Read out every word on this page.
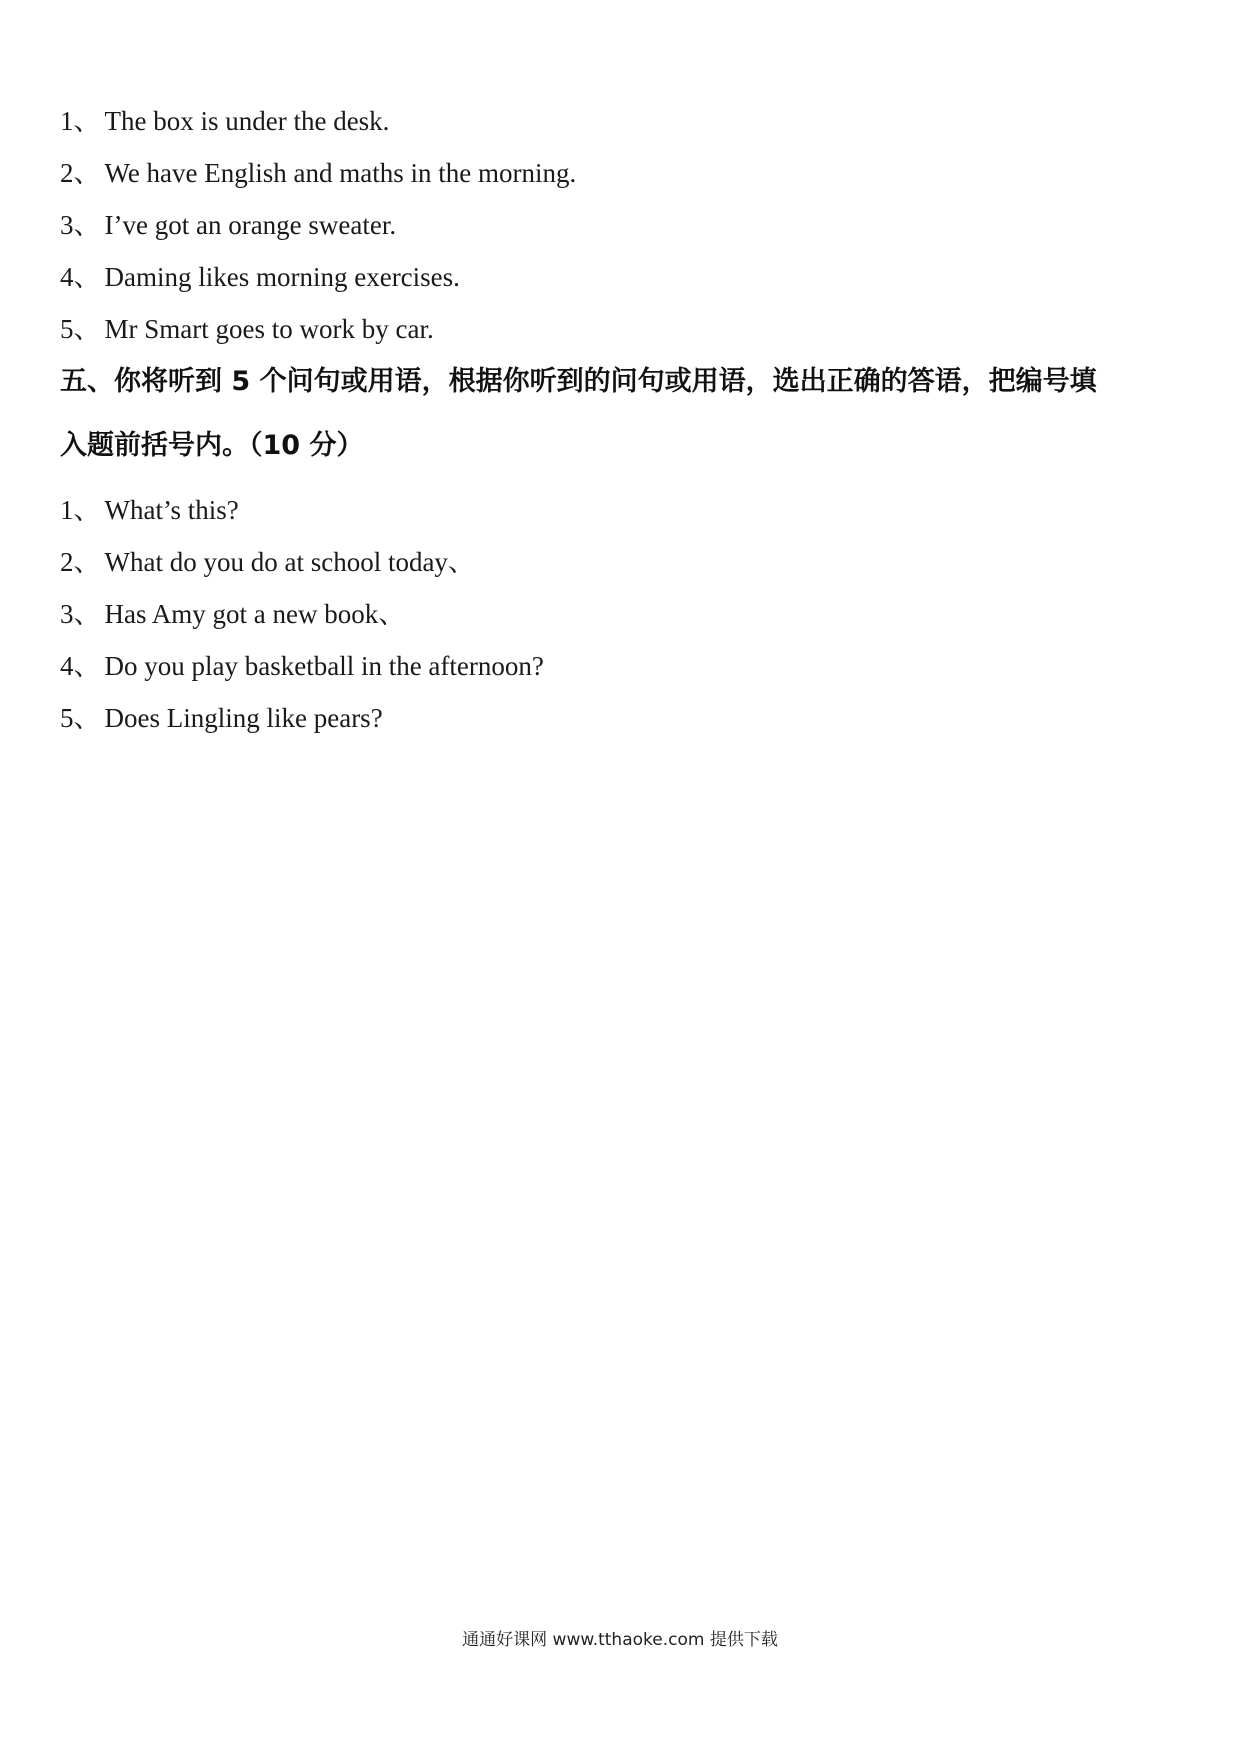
1、 The box is under the desk.
2、 We have English and maths in the morning.
3、 I’ve got an orange sweater.
4、 Daming likes morning exercises.
5、 Mr Smart goes to work by car.
五、你将听到 5 个问句或用语，根据你听到的问句或用语，选出正确的答语，把编号填
入题前括号内。（10 分）
1、 What’s this?
2、 What do you do at school today、
3、 Has Amy got a new book、
4、 Do you play basketball in the afternoon?
5、 Does Lingling like pears?
通通好课网 www.tthaoke.com 提供下载
